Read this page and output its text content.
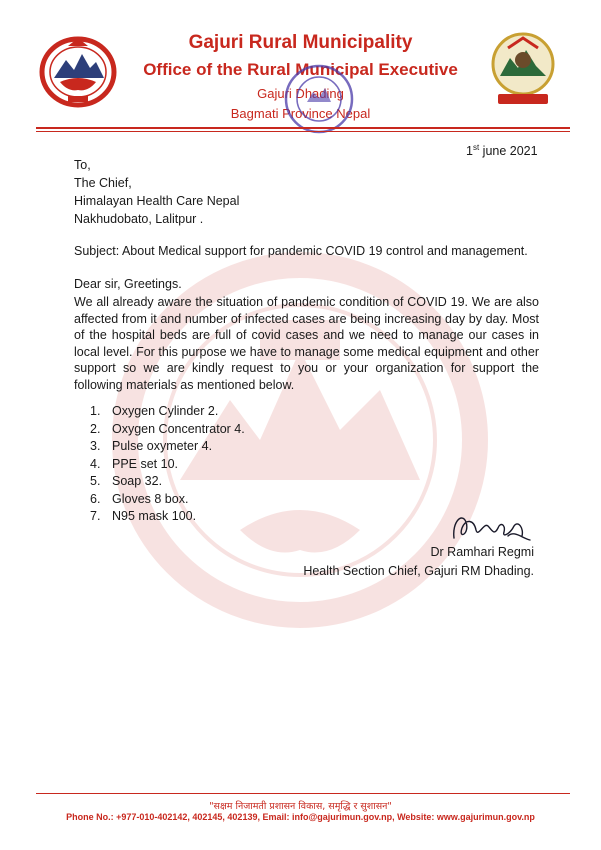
Gajuri Rural Municipality
Office of the Rural Municipal Executive
Gajuri Dhading
Bagmati Province Nepal
1st june 2021
To,
The Chief,
Himalayan Health Care Nepal
Nakhudobato, Lalitpur .
Subject: About Medical support for pandemic COVID 19 control and management.
Dear sir, Greetings.
We all already aware the situation of pandemic condition of COVID 19. We are also affected from it and number of infected cases are being increasing day by day. Most of the hospital beds are full of covid cases and we need to manage our cases in local level. For this purpose we have to manage some medical equipment and other support so we are kindly request to you or your organization for support the following materials as mentioned below.
1. Oxygen Cylinder 2.
2. Oxygen Concentrator 4.
3. Pulse oxymeter 4.
4. PPE set 10.
5. Soap 32.
6. Gloves 8 box.
7. N95 mask 100.
Dr Ramhari Regmi
Health Section Chief, Gajuri RM Dhading.
"सक्षम निजामती प्रशासन विकास, समृद्धि र सुशासन"
Phone No.: +977-010-402142, 402145, 402139, Email: info@gajurimun.gov.np, Website: www.gajurimun.gov.np
